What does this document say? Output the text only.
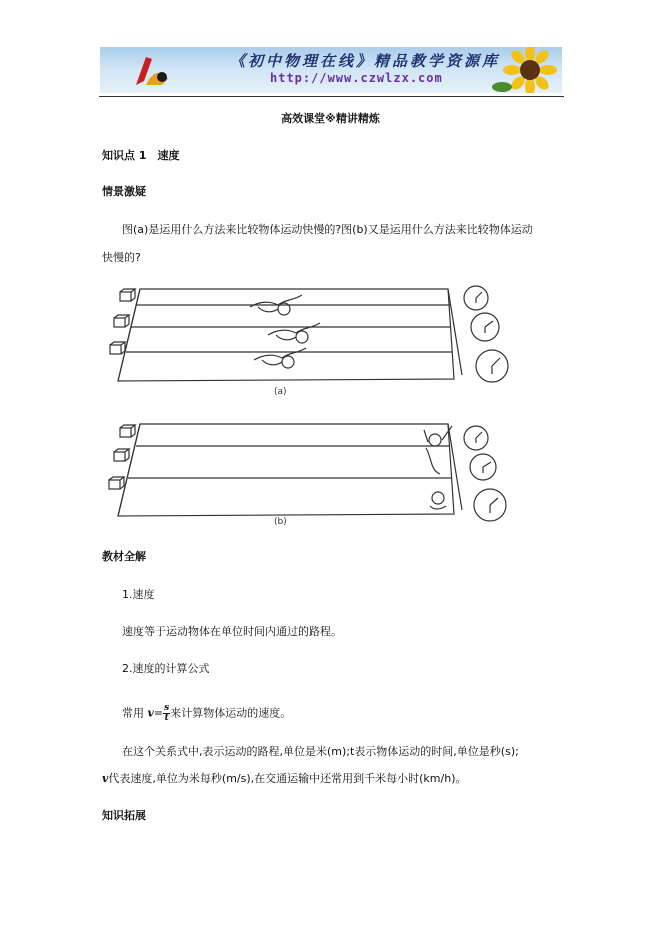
《初中物理在线》精品教学资源库
http://www.czwlzx.com
高效课堂※精讲精炼
知识点 1　速度
情景激疑
图(a)是运用什么方法来比较物体运动快慢的?图(b)又是运用什么方法来比较物体运动
快慢的?
(a)
(b)
教材全解
1.速度
速度等于运动物体在单位时间内通过的路程。
2.速度的计算公式
常用 $v= \frac{s}{t}$ 来计算物体运动的速度。
在这个关系式中,表示运动的路程,单位是米(m);t表示物体运动的时间,单位是秒(s);
v代表速度,单位为米每秒(m/s),在交通运输中还常用到千米每小时(km/h)。
知识拓展
